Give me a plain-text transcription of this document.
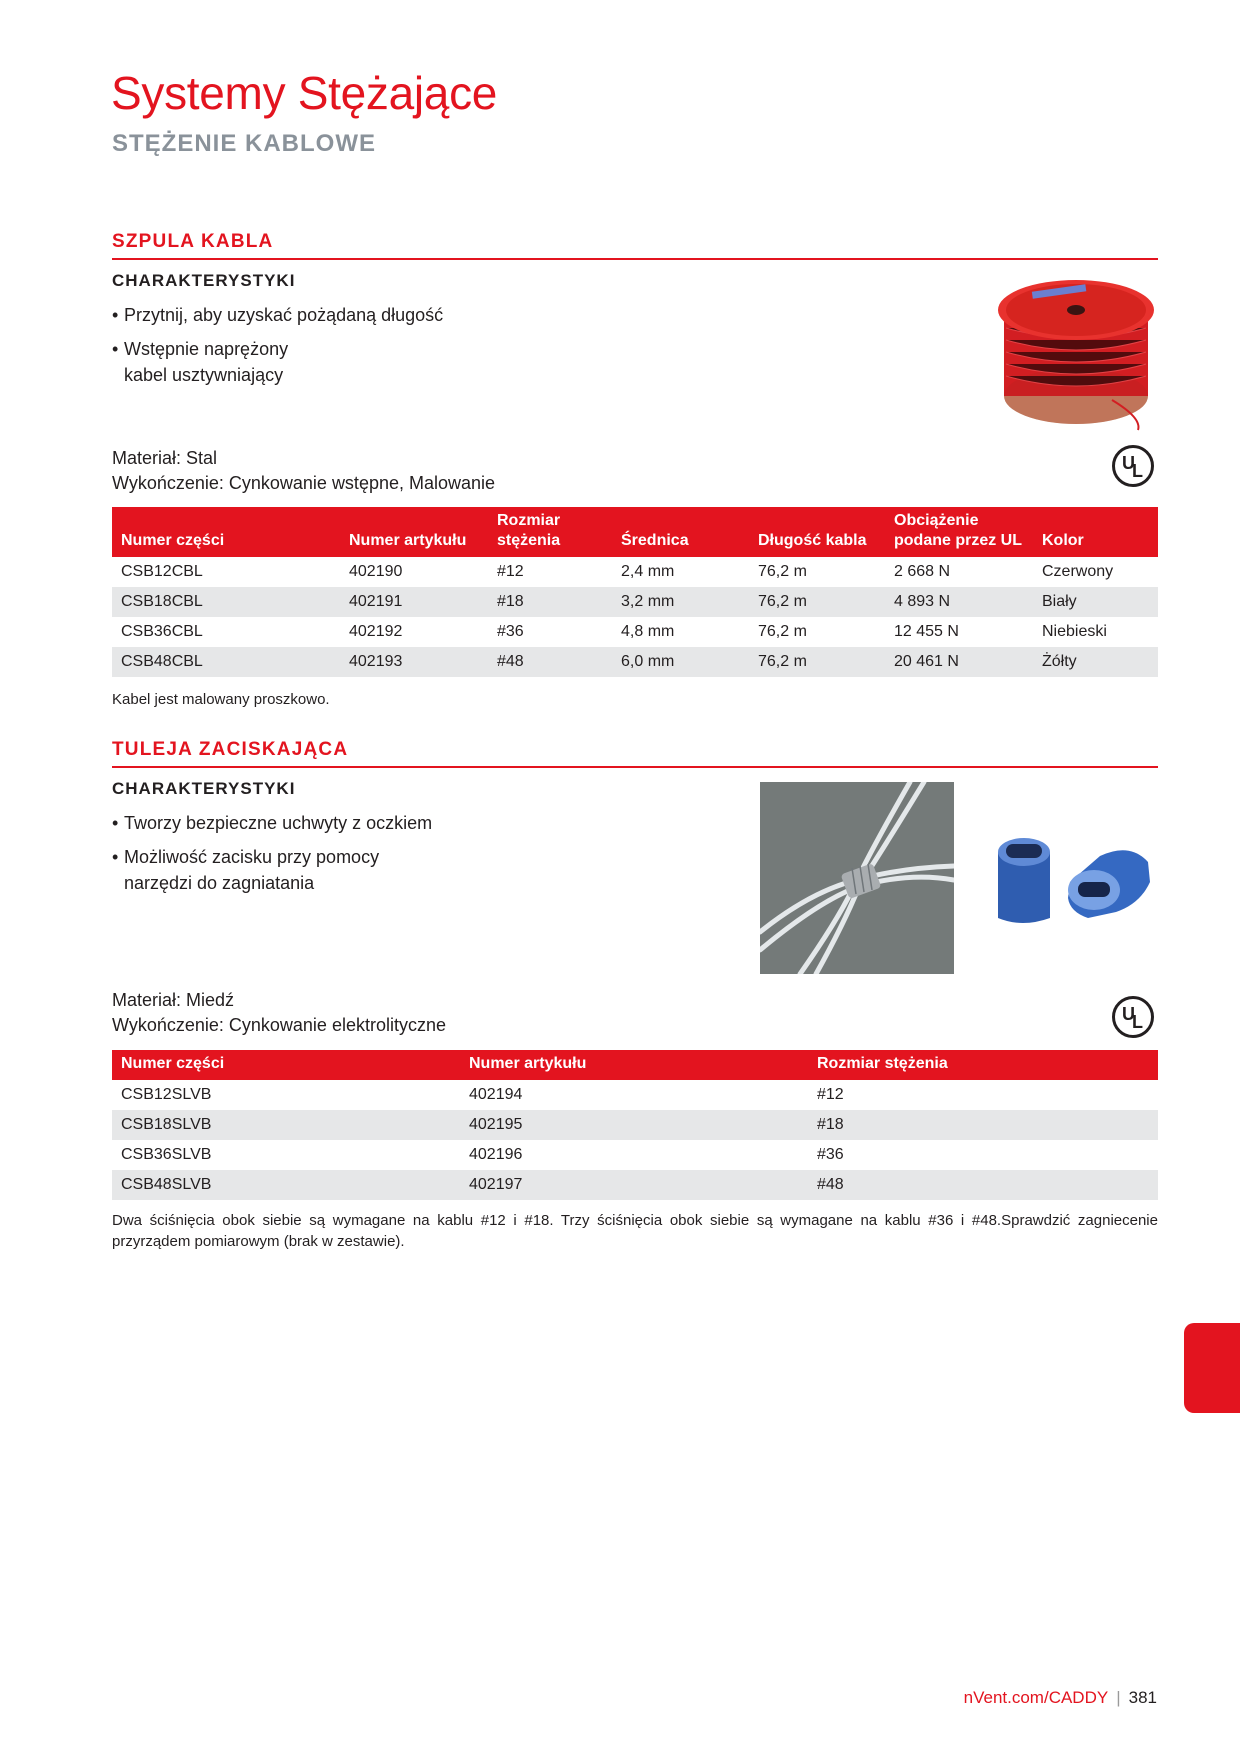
Systemy Stężające
STĘŻENIE KABLOWE
SZPULA KABLA
CHARAKTERYSTYKI
• Przytnij, aby uzyskać pożądaną długość
• Wstępnie naprężony
kabel usztywniający
Materiał: Stal
Wykończenie: Cynkowanie wstępne, Malowanie
U
L
Numer części	Numer artykułu	Rozmiar
stężenia	Średnica	Długość kabla	Obciążenie
podane przez UL	Kolor
CSB12CBL	402190	#12	2,4 mm	76,2 m	2 668 N	Czerwony
CSB18CBL	402191	#18	3,2 mm	76,2 m	4 893 N	Biały
CSB36CBL	402192	#36	4,8 mm	76,2 m	12 455 N	Niebieski
CSB48CBL	402193	#48	6,0 mm	76,2 m	20 461 N	Żółty
Kabel jest malowany proszkowo.
TULEJA ZACISKAJĄCA
CHARAKTERYSTYKI
• Tworzy bezpieczne uchwyty z oczkiem
• Możliwość zacisku przy pomocy
narzędzi do zagniatania
Materiał: Miedź
Wykończenie: Cynkowanie elektrolityczne
U
L
Numer części	Numer artykułu	Rozmiar stężenia
CSB12SLVB	402194	#12
CSB18SLVB	402195	#18
CSB36SLVB	402196	#36
CSB48SLVB	402197	#48
Dwa ściśnięcia obok siebie są wymagane na kablu #12 i #18. Trzy ściśnięcia obok siebie są wymagane na kablu #36 i #48.Sprawdzić zagniecenie przyrządem pomiarowym (brak w zestawie).
nVent.com/CADDY | 381
